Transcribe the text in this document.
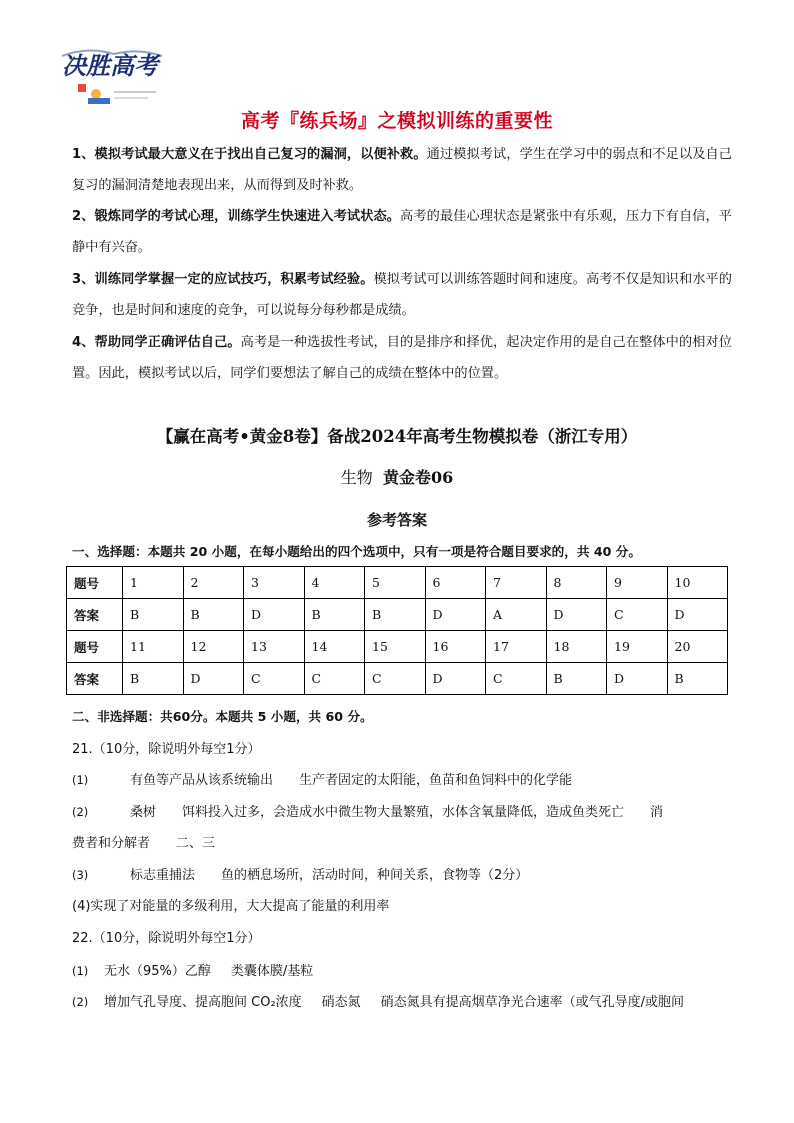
决胜高考
高考『练兵场』之模拟训练的重要性
1、模拟考试最大意义在于找出自己复习的漏洞，以便补救。通过模拟考试，学生在学习中的弱点和不足以及自己复习的漏洞清楚地表现出来，从而得到及时补救。
2、锻炼同学的考试心理，训练学生快速进入考试状态。高考的最佳心理状态是紧张中有乐观，压力下有自信，平静中有兴奋。
3、训练同学掌握一定的应试技巧，积累考试经验。模拟考试可以训练答题时间和速度。高考不仅是知识和水平的竞争，也是时间和速度的竞争，可以说每分每秒都是成绩。
4、帮助同学正确评估自己。高考是一种选拔性考试，目的是排序和择优，起决定作用的是自己在整体中的相对位置。因此，模拟考试以后，同学们要想法了解自己的成绩在整体中的位置。
【赢在高考•黄金8卷】备战2024年高考生物模拟卷（浙江专用）
生物 黄金卷06
参考答案
一、选择题：本题共 20 小题，在每小题给出的四个选项中，只有一项是符合题目要求的，共 40 分。
题号	1	2	3	4	5	6	7	8	9	10
答案	B	B	D	B	B	D	A	D	C	D
题号	11	12	13	14	15	16	17	18	19	20
答案	B	D	C	C	C	D	C	B	D	B
二、非选择题：共60分。本题共 5 小题，共 60 分。
21.（10分，除说明外每空1分）
(1)	有鱼等产品从该系统输出 生产者固定的太阳能，鱼苗和鱼饲料中的化学能
(2)	桑树 饵料投入过多，会造成水中微生物大量繁殖，水体含氧量降低，造成鱼类死亡 消
费者和分解者 二、三
(3)	标志重捕法 鱼的栖息场所，活动时间，种间关系，食物等（2分）
(4)实现了对能量的多级利用，大大提高了能量的利用率
22.（10分，除说明外每空1分）
(1) 无水（95%）乙醇 类囊体膜/基粒
(2) 增加气孔导度、提高胞间 CO₂浓度 硝态氮 硝态氮具有提高烟草净光合速率（或气孔导度/或胞间
